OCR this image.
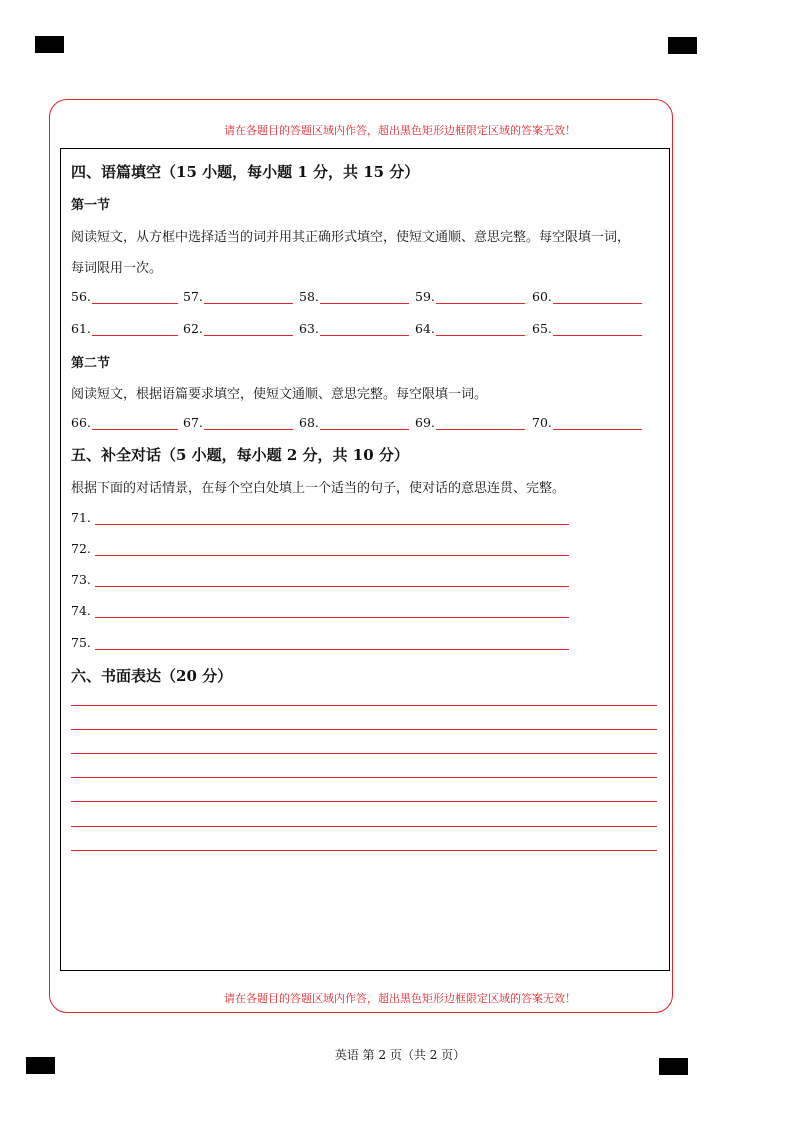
请在各题目的答题区域内作答，超出黑色矩形边框限定区域的答案无效！
请在各题目的答题区域内作答，超出黑色矩形边框限定区域的答案无效！
四、语篇填空（15 小题，每小题 1 分，共 15 分）
第一节
阅读短文，从方框中选择适当的词并用其正确形式填空，使短文通顺、意思完整。每空限填一词，
每词限用一次。
56.	57.	58.	59.	60.
61.	62.	63.	64.	65.
第二节
阅读短文，根据语篇要求填空，使短文通顺、意思完整。每空限填一词。
66.	67.	68.	69.	70.
五、补全对话（5 小题，每小题 2 分，共 10 分）
根据下面的对话情景，在每个空白处填上一个适当的句子，使对话的意思连贯、完整。
71.
72.
73.
74.
75.
六、书面表达（20 分）
英语 第 2 页（共 2 页）
